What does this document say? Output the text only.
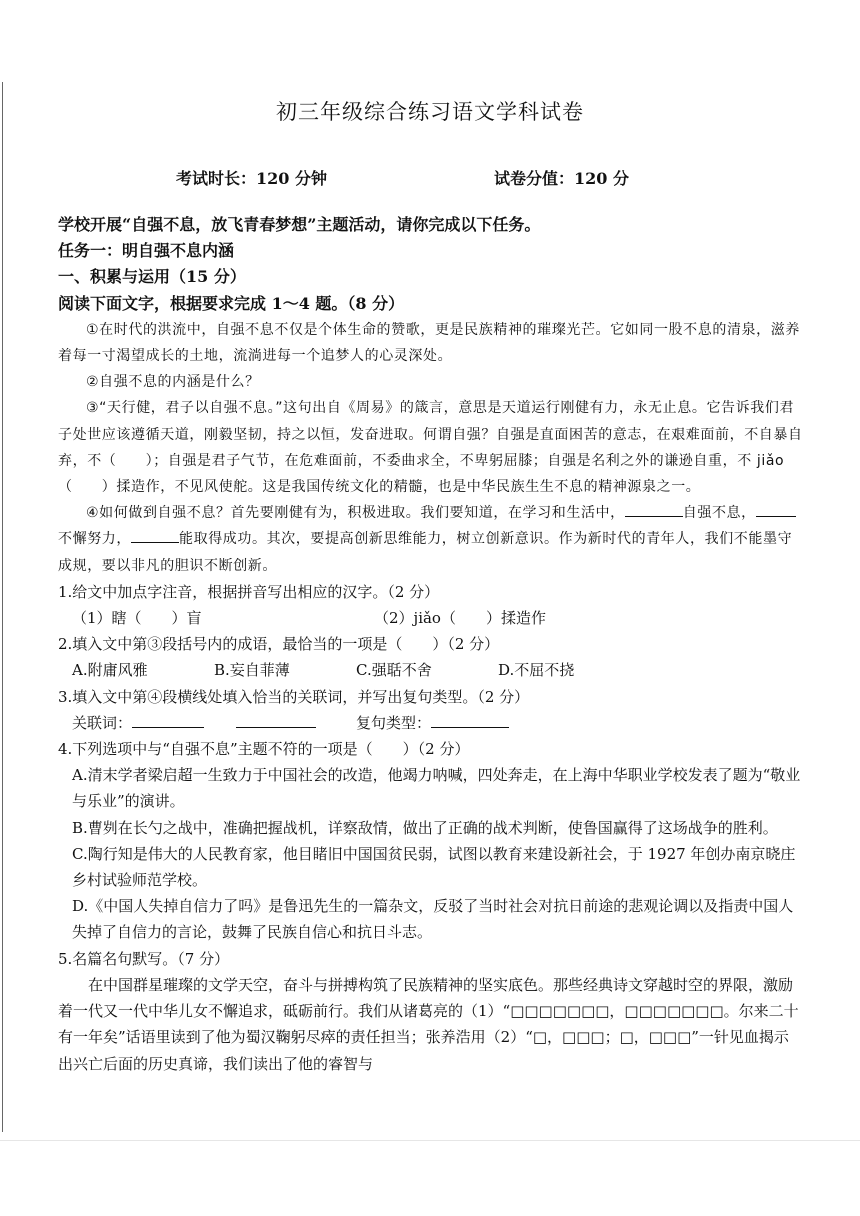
初三年级综合练习语文学科试卷
考试时长：120 分钟	试卷分值：120 分

学校开展“自强不息，放飞青春梦想”主题活动，请你完成以下任务。

任务一：明自强不息内涵

一、积累与运用（15 分）

阅读下面文字，根据要求完成 1～4 题。（8 分）

①在时代的洪流中，自强不息不仅是个体生命的赞歌，更是民族精神的璀璨光芒。它如同一股不息的清泉，滋养着每一寸渴望成长的土地，流淌进每一个追梦人的心灵深处。

②自强不息的内涵是什么？

③“天行健，君子以自强不息。”这句出自《周易》的箴言，意思是天道运行刚健有力，永无止息。它告诉我们君子处世应该遵循天道，刚毅坚韧，持之以恒，发奋进取。何谓自强？自强是直面困苦的意志，在艰难面前，不自暴自弃，不（　　）；自强是君子气节，在危难面前，不委曲求全，不卑躬屈膝；自强是名利之外的谦逊自重，不 jiǎo（　　）揉造作，不见风使舵。这是我国传统文化的精髓，也是中华民族生生不息的精神源泉之一。

④如何做到自强不息？首先要刚健有为，积极进取。我们要知道，在学习和生活中，	自强不息，不懈努力，	能取得成功。其次，要提高创新思维能力，树立创新意识。作为新时代的青年人，我们不能墨守成规，要以非凡的胆识不断创新。

1.给文中加点字注音，根据拼音写出相应的汉字。（2 分）

（1）瞎（　　）盲	（2）jiǎo（　　）揉造作

2.填入文中第③段括号内的成语，最恰当的一项是（　　）（2 分）

A.附庸风雅	B.妄自菲薄	C.强聒不舍	D.不屈不挠

3.填入文中第④段横线处填入恰当的关联词，并写出复句类型。（2 分）

关联词：	复句类型：

4.下列选项中与“自强不息”主题不符的一项是（　　）（2 分）

A.清末学者梁启超一生致力于中国社会的改造，他竭力呐喊，四处奔走，在上海中华职业学校发表了题为“敬业与乐业”的演讲。

B.曹刿在长勺之战中，准确把握战机，详察敌情，做出了正确的战术判断，使鲁国赢得了这场战争的胜利。

C.陶行知是伟大的人民教育家，他目睹旧中国国贫民弱，试图以教育来建设新社会，于 1927 年创办南京晓庄乡村试验师范学校。

D.《中国人失掉自信力了吗》是鲁迅先生的一篇杂文，反驳了当时社会对抗日前途的悲观论调以及指责中国人失掉了自信力的言论，鼓舞了民族自信心和抗日斗志。

5.名篇名句默写。（7 分）

在中国群星璀璨的文学天空，奋斗与拼搏构筑了民族精神的坚实底色。那些经典诗文穿越时空的界限，激励着一代又一代中华儿女不懈追求，砥砺前行。我们从诸葛亮的（1）“□□□□□□□，□□□□□□□。尔来二十有一年矣”话语里读到了他为蜀汉鞠躬尽瘁的责任担当；张养浩用（2）“□，□□□；□，□□□”一针见血揭示出兴亡后面的历史真谛，我们读出了他的睿智与
